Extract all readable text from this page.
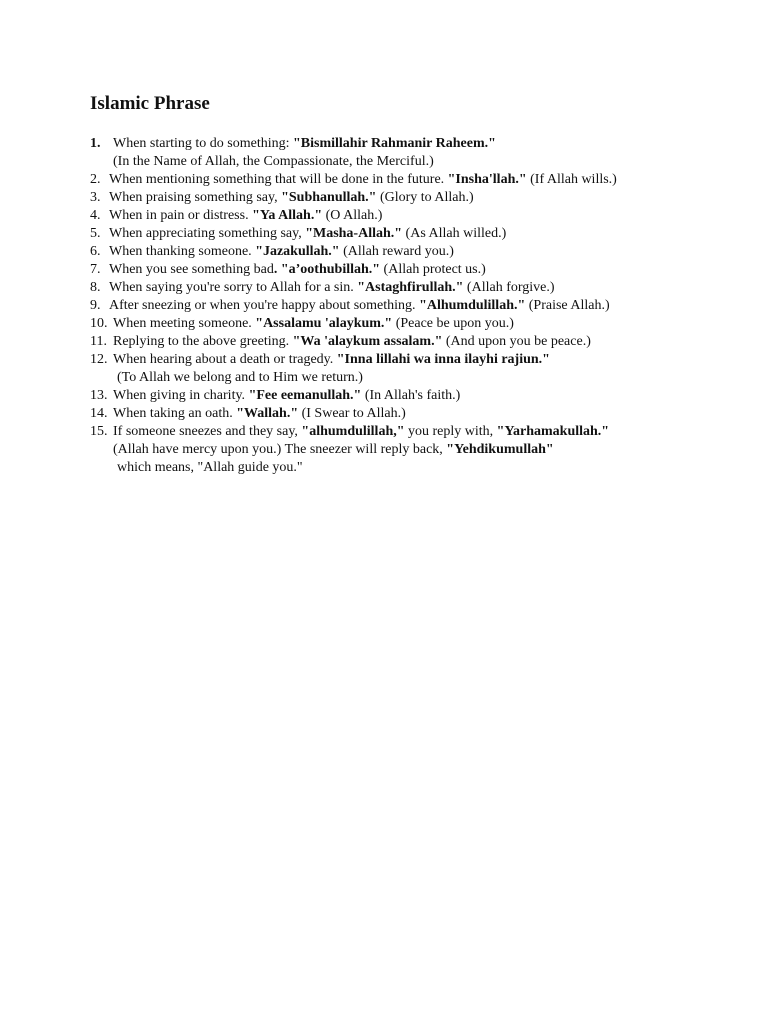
Islamic Phrase
1. When starting to do something: "Bismillahir Rahmanir Raheem."
(In the Name of Allah, the Compassionate, the Merciful.)
2. When mentioning something that will be done in the future. "Insha'llah." (If Allah wills.)
3. When praising something say, "Subhanullah." (Glory to Allah.)
4. When in pain or distress. "Ya Allah." (O Allah.)
5. When appreciating something say, "Masha-Allah." (As Allah willed.)
6. When thanking someone. "Jazakullah." (Allah reward you.)
7. When you see something bad. "a’oothubillah." (Allah protect us.)
8. When saying you're sorry to Allah for a sin. "Astaghfirullah." (Allah forgive.)
9. After sneezing or when you're happy about something. "Alhumdulillah." (Praise Allah.)
10. When meeting someone. "Assalamu 'alaykum." (Peace be upon you.)
11. Replying to the above greeting. "Wa 'alaykum assalam." (And upon you be peace.)
12. When hearing about a death or tragedy. "Inna lillahi wa inna ilayhi rajiun."
(To Allah we belong and to Him we return.)
13. When giving in charity. "Fee eemanullah." (In Allah's faith.)
14. When taking an oath. "Wallah." (I Swear to Allah.)
15. If someone sneezes and they say, "alhumdulillah," you reply with, "Yarhamakullah."
(Allah have mercy upon you.) The sneezer will reply back, "Yehdikumullah"
which means, "Allah guide you."
